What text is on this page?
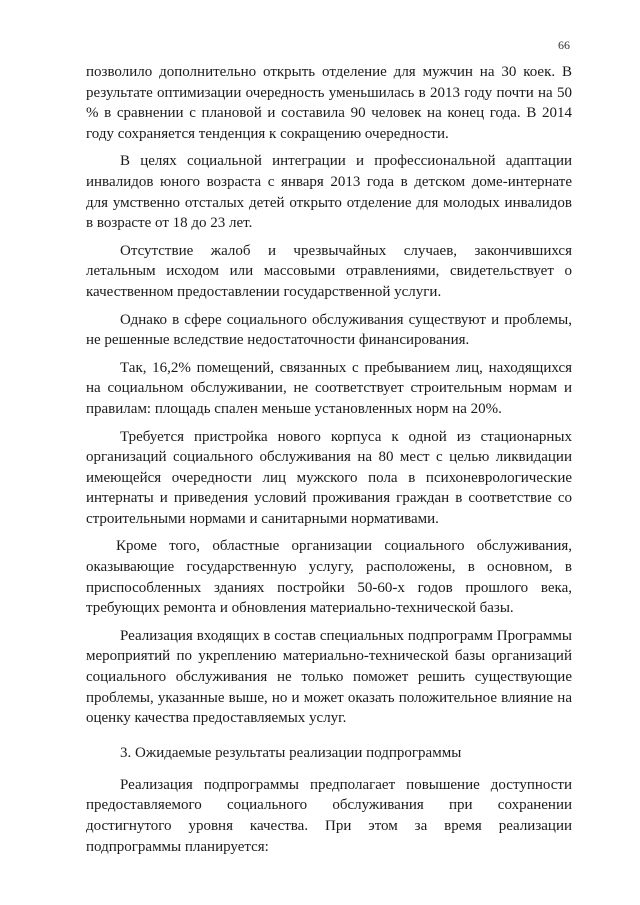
66

позволило дополнительно открыть отделение для мужчин на 30 коек. В результате оптимизации очередность уменьшилась в 2013 году почти на 50 % в сравнении с плановой и составила 90 человек на конец года. В 2014 году сохраняется тенденция к сокращению очередности.

В целях социальной интеграции и профессиональной адаптации инвалидов юного возраста с января 2013 года в детском доме-интернате для умственно отсталых детей открыто отделение для молодых инвалидов в возрасте от 18 до 23 лет.

Отсутствие жалоб и чрезвычайных случаев, закончившихся летальным исходом или массовыми отравлениями, свидетельствует о качественном предоставлении государственной услуги.

Однако в сфере социального обслуживания существуют и проблемы, не решенные вследствие недостаточности финансирования.

Так, 16,2% помещений, связанных с пребыванием лиц, находящихся на социальном обслуживании, не соответствует строительным нормам и правилам: площадь спален меньше установленных норм на 20%.

Требуется пристройка нового корпуса к одной из стационарных организаций социального обслуживания на 80 мест с целью ликвидации имеющейся очередности лиц мужского пола в психоневрологические интернаты и приведения условий проживания граждан в соответствие со строительными нормами и санитарными нормативами.

Кроме того, областные организации социального обслуживания, оказывающие государственную услугу, расположены, в основном, в приспособленных зданиях постройки 50-60-х годов прошлого века, требующих ремонта и обновления материально-технической базы.

Реализация входящих в состав специальных подпрограмм Программы мероприятий по укреплению материально-технической базы организаций социального обслуживания не только поможет решить существующие проблемы, указанные выше, но и может оказать положительное влияние на оценку качества предоставляемых услуг.

3. Ожидаемые результаты реализации подпрограммы

Реализация подпрограммы предполагает повышение доступности предоставляемого социального обслуживания при сохранении достигнутого уровня качества. При этом за время реализации подпрограммы планируется:
